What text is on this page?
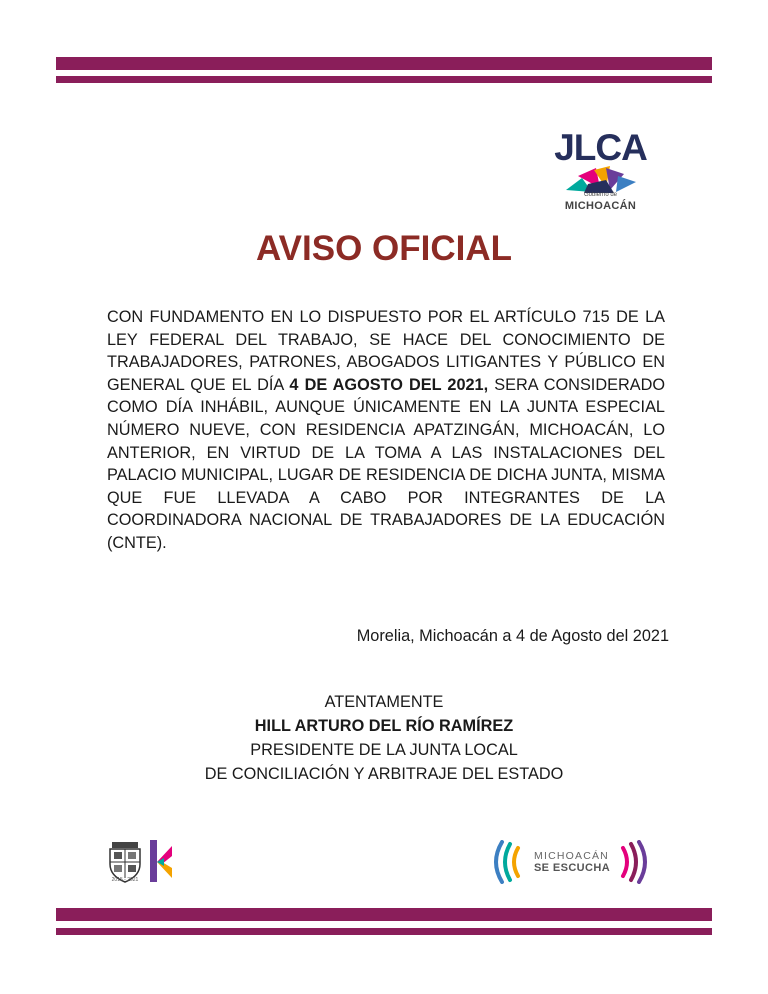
JLCA
Gobierno de
MICHOACÁN
AVISO OFICIAL

CON FUNDAMENTO EN LO DISPUESTO POR EL ARTÍCULO 715 DE LA LEY FEDERAL DEL TRABAJO, SE HACE DEL CONOCIMIENTO DE TRABAJADORES, PATRONES, ABOGADOS LITIGANTES Y PÚBLICO EN GENERAL QUE EL DÍA 4 DE AGOSTO DEL 2021, SERA CONSIDERADO COMO DÍA INHÁBIL, AUNQUE ÚNICAMENTE EN LA JUNTA ESPECIAL NÚMERO NUEVE, CON RESIDENCIA APATZINGÁN, MICHOACÁN, LO ANTERIOR, EN VIRTUD DE LA TOMA A LAS INSTALACIONES DEL PALACIO MUNICIPAL, LUGAR DE RESIDENCIA DE DICHA JUNTA, MISMA QUE FUE LLEVADA A CABO POR INTEGRANTES DE LA COORDINADORA NACIONAL DE TRABAJADORES DE LA EDUCACIÓN (CNTE).

Morelia, Michoacán a 4 de Agosto del 2021

ATENTAMENTE

HILL ARTURO DEL RÍO RAMÍREZ

PRESIDENTE DE LA JUNTA LOCAL

DE CONCILIACIÓN Y ARBITRAJE DEL ESTADO

2015 - 2021
MICHOACÁN
SE ESCUCHA
